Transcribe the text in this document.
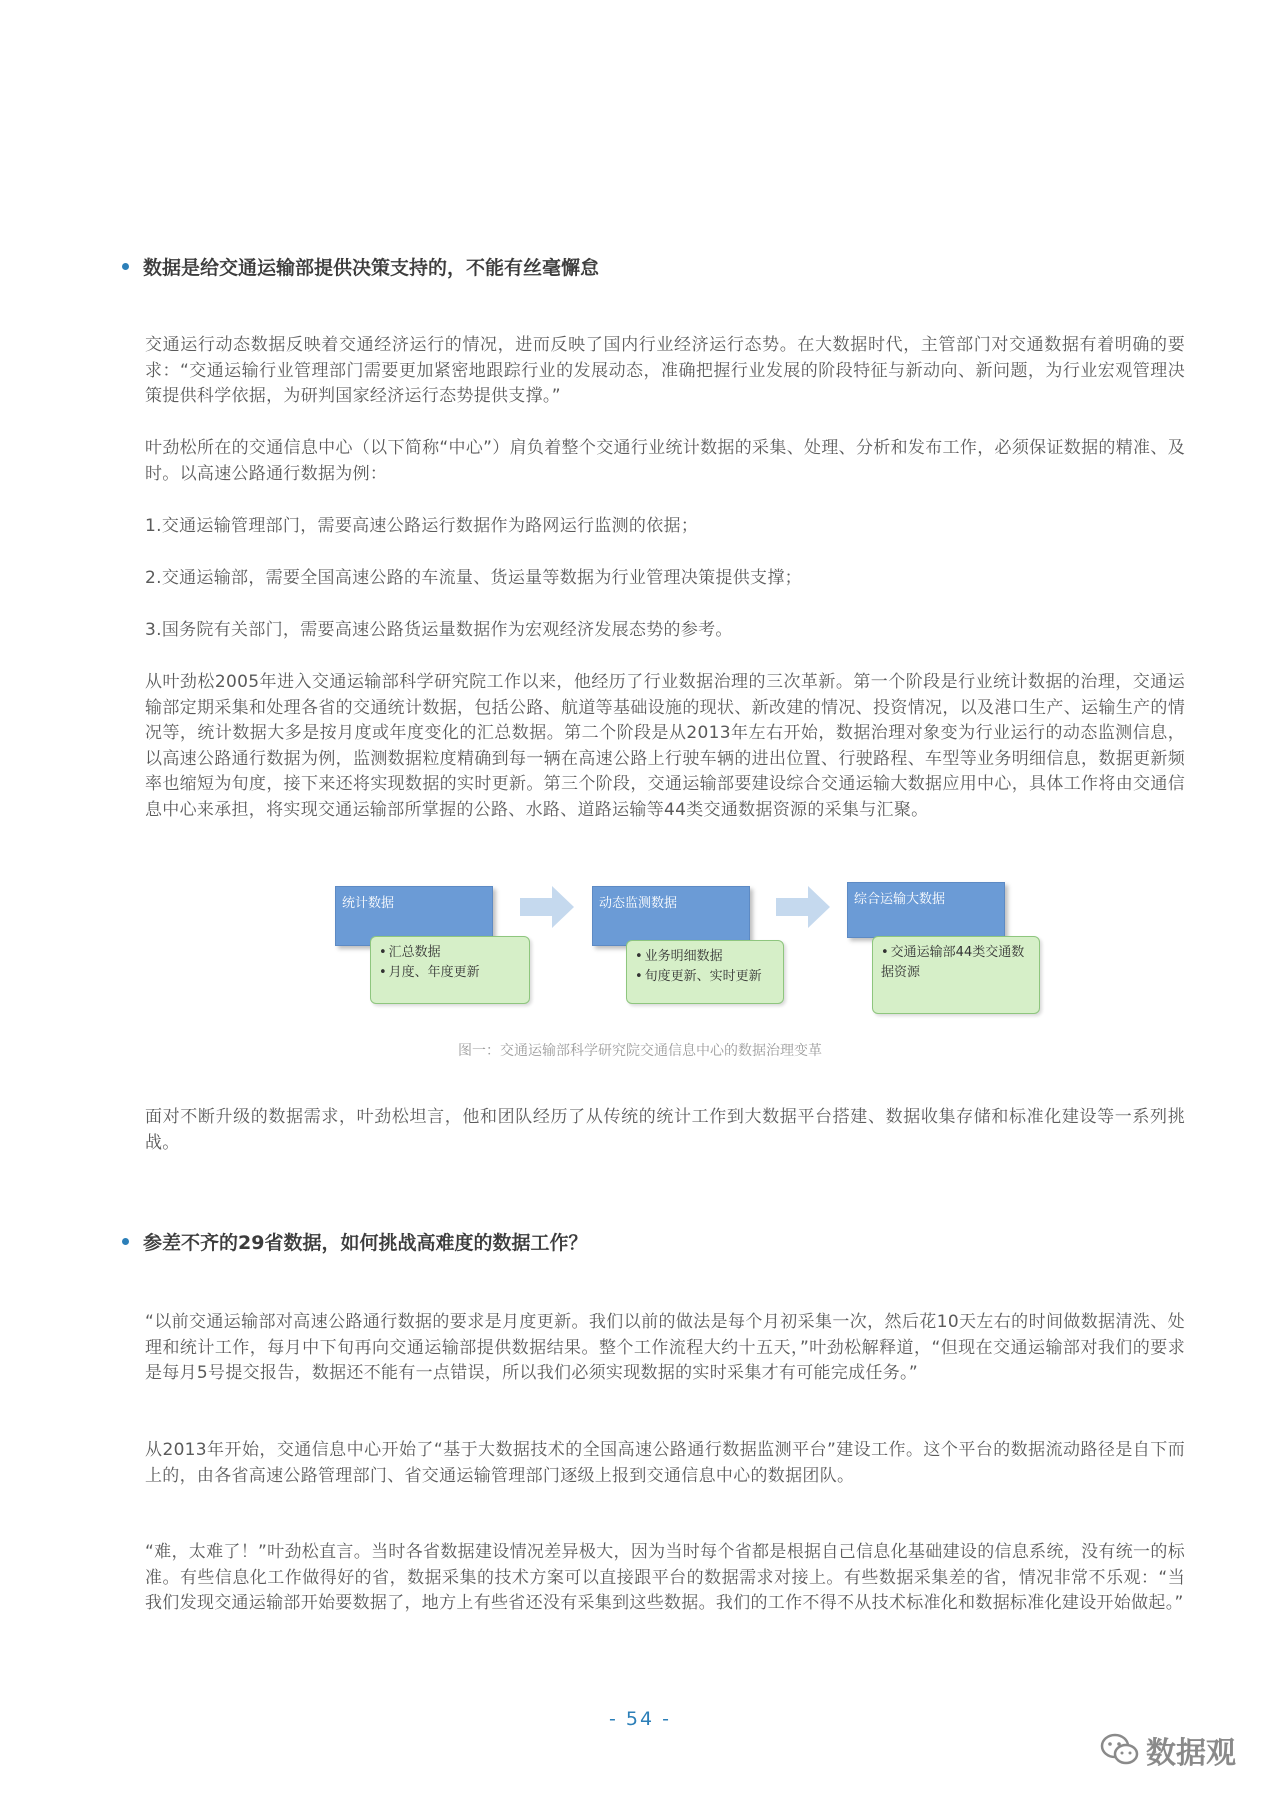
数据是给交通运输部提供决策支持的，不能有丝毫懈怠
交通运行动态数据反映着交通经济运行的情况，进而反映了国内行业经济运行态势。在大数据时代，主管部门对交通数据有着明确的要求：“交通运输行业管理部门需要更加紧密地跟踪行业的发展动态，准确把握行业发展的阶段特征与新动向、新问题，为行业宏观管理决策提供科学依据，为研判国家经济运行态势提供支撑。”
叶劲松所在的交通信息中心（以下简称“中心”）肩负着整个交通行业统计数据的采集、处理、分析和发布工作，必须保证数据的精准、及时。以高速公路通行数据为例：
1.交通运输管理部门，需要高速公路运行数据作为路网运行监测的依据；
2.交通运输部，需要全国高速公路的车流量、货运量等数据为行业管理决策提供支撑；
3.国务院有关部门，需要高速公路货运量数据作为宏观经济发展态势的参考。
从叶劲松2005年进入交通运输部科学研究院工作以来，他经历了行业数据治理的三次革新。第一个阶段是行业统计数据的治理，交通运输部定期采集和处理各省的交通统计数据，包括公路、航道等基础设施的现状、新改建的情况、投资情况，以及港口生产、运输生产的情况等，统计数据大多是按月度或年度变化的汇总数据。第二个阶段是从2013年左右开始，数据治理对象变为行业运行的动态监测信息，以高速公路通行数据为例，监测数据粒度精确到每一辆在高速公路上行驶车辆的进出位置、行驶路程、车型等业务明细信息，数据更新频率也缩短为旬度，接下来还将实现数据的实时更新。第三个阶段，交通运输部要建设综合交通运输大数据应用中心，具体工作将由交通信息中心来承担，将实现交通运输部所掌握的公路、水路、道路运输等44类交通数据资源的采集与汇聚。
统计数据
• 汇总数据
• 月度、年度更新
动态监测数据
• 业务明细数据
• 旬度更新、实时更新
综合运输大数据
• 交通运输部44类交通数据资源
图一：交通运输部科学研究院交通信息中心的数据治理变革
面对不断升级的数据需求，叶劲松坦言，他和团队经历了从传统的统计工作到大数据平台搭建、数据收集存储和标准化建设等一系列挑战。
参差不齐的29省数据，如何挑战高难度的数据工作？
“以前交通运输部对高速公路通行数据的要求是月度更新。我们以前的做法是每个月初采集一次，然后花10天左右的时间做数据清洗、处理和统计工作，每月中下旬再向交通运输部提供数据结果。整个工作流程大约十五天，”叶劲松解释道，“但现在交通运输部对我们的要求是每月5号提交报告，数据还不能有一点错误，所以我们必须实现数据的实时采集才有可能完成任务。”
从2013年开始，交通信息中心开始了“基于大数据技术的全国高速公路通行数据监测平台”建设工作。这个平台的数据流动路径是自下而上的，由各省高速公路管理部门、省交通运输管理部门逐级上报到交通信息中心的数据团队。
“难，太难了！”叶劲松直言。当时各省数据建设情况差异极大，因为当时每个省都是根据自己信息化基础建设的信息系统，没有统一的标准。有些信息化工作做得好的省，数据采集的技术方案可以直接跟平台的数据需求对接上。有些数据采集差的省，情况非常不乐观：“当我们发现交通运输部开始要数据了，地方上有些省还没有采集到这些数据。我们的工作不得不从技术标准化和数据标准化建设开始做起。”
- 54 -
数据观
